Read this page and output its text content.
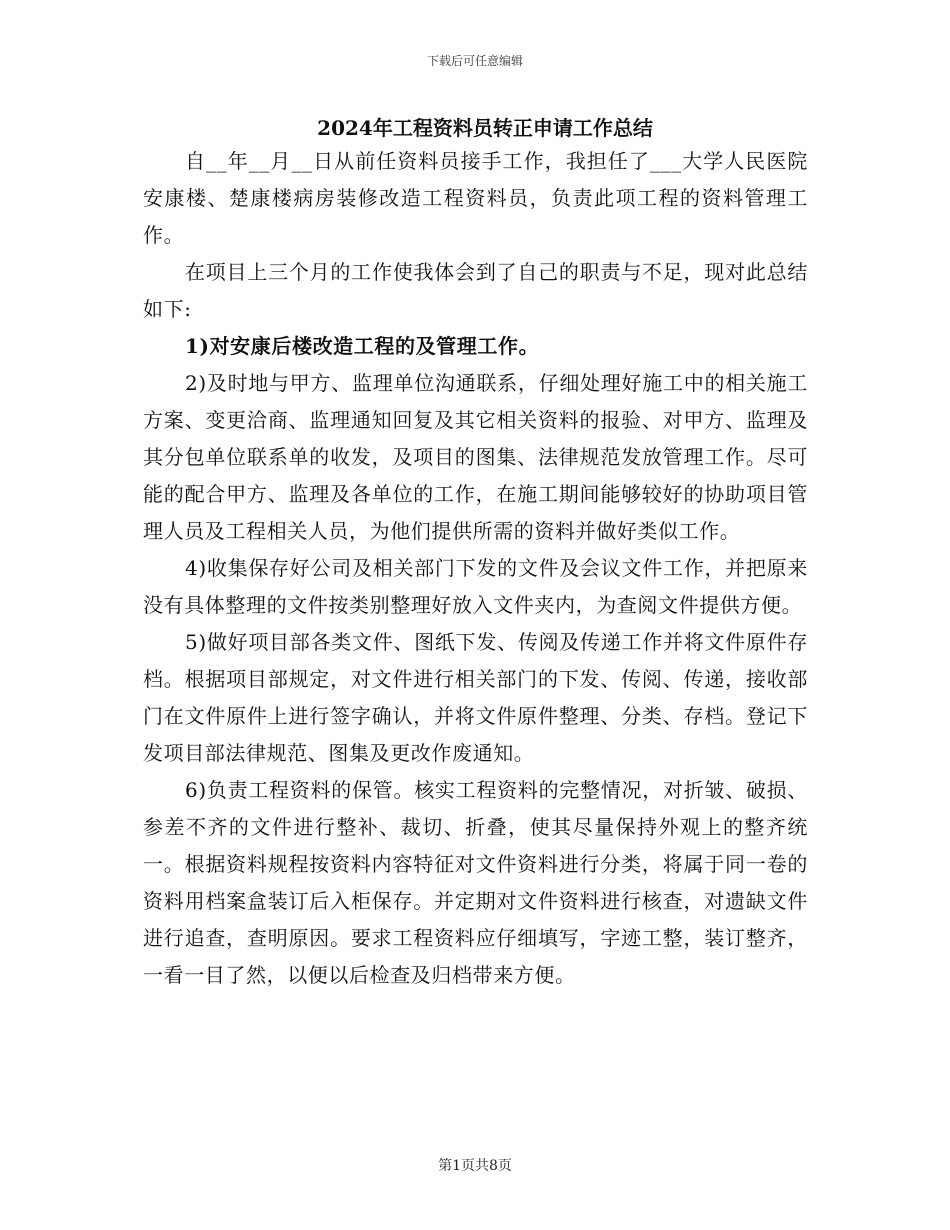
下载后可任意编辑
2024年工程资料员转正申请工作总结

自__年__月__日从前任资料员接手工作，我担任了___大学人民医院安康楼、楚康楼病房装修改造工程资料员，负责此项工程的资料管理工作。

在项目上三个月的工作使我体会到了自己的职责与不足，现对此总结如下:

1)对安康后楼改造工程的及管理工作。

2)及时地与甲方、监理单位沟通联系，仔细处理好施工中的相关施工方案、变更洽商、监理通知回复及其它相关资料的报验、对甲方、监理及其分包单位联系单的收发，及项目的图集、法律规范发放管理工作。尽可能的配合甲方、监理及各单位的工作，在施工期间能够较好的协助项目管理人员及工程相关人员，为他们提供所需的资料并做好类似工作。

4)收集保存好公司及相关部门下发的文件及会议文件工作，并把原来没有具体整理的文件按类别整理好放入文件夹内，为查阅文件提供方便。

5)做好项目部各类文件、图纸下发、传阅及传递工作并将文件原件存档。根据项目部规定，对文件进行相关部门的下发、传阅、传递，接收部门在文件原件上进行签字确认，并将文件原件整理、分类、存档。登记下发项目部法律规范、图集及更改作废通知。

6)负责工程资料的保管。核实工程资料的完整情况，对折皱、破损、参差不齐的文件进行整补、裁切、折叠，使其尽量保持外观上的整齐统一。根据资料规程按资料内容特征对文件资料进行分类，将属于同一卷的资料用档案盒装订后入柜保存。并定期对文件资料进行核查，对遗缺文件进行追查，查明原因。要求工程资料应仔细填写，字迹工整，装订整齐，一看一目了然，以便以后检查及归档带来方便。

第1页共8页
